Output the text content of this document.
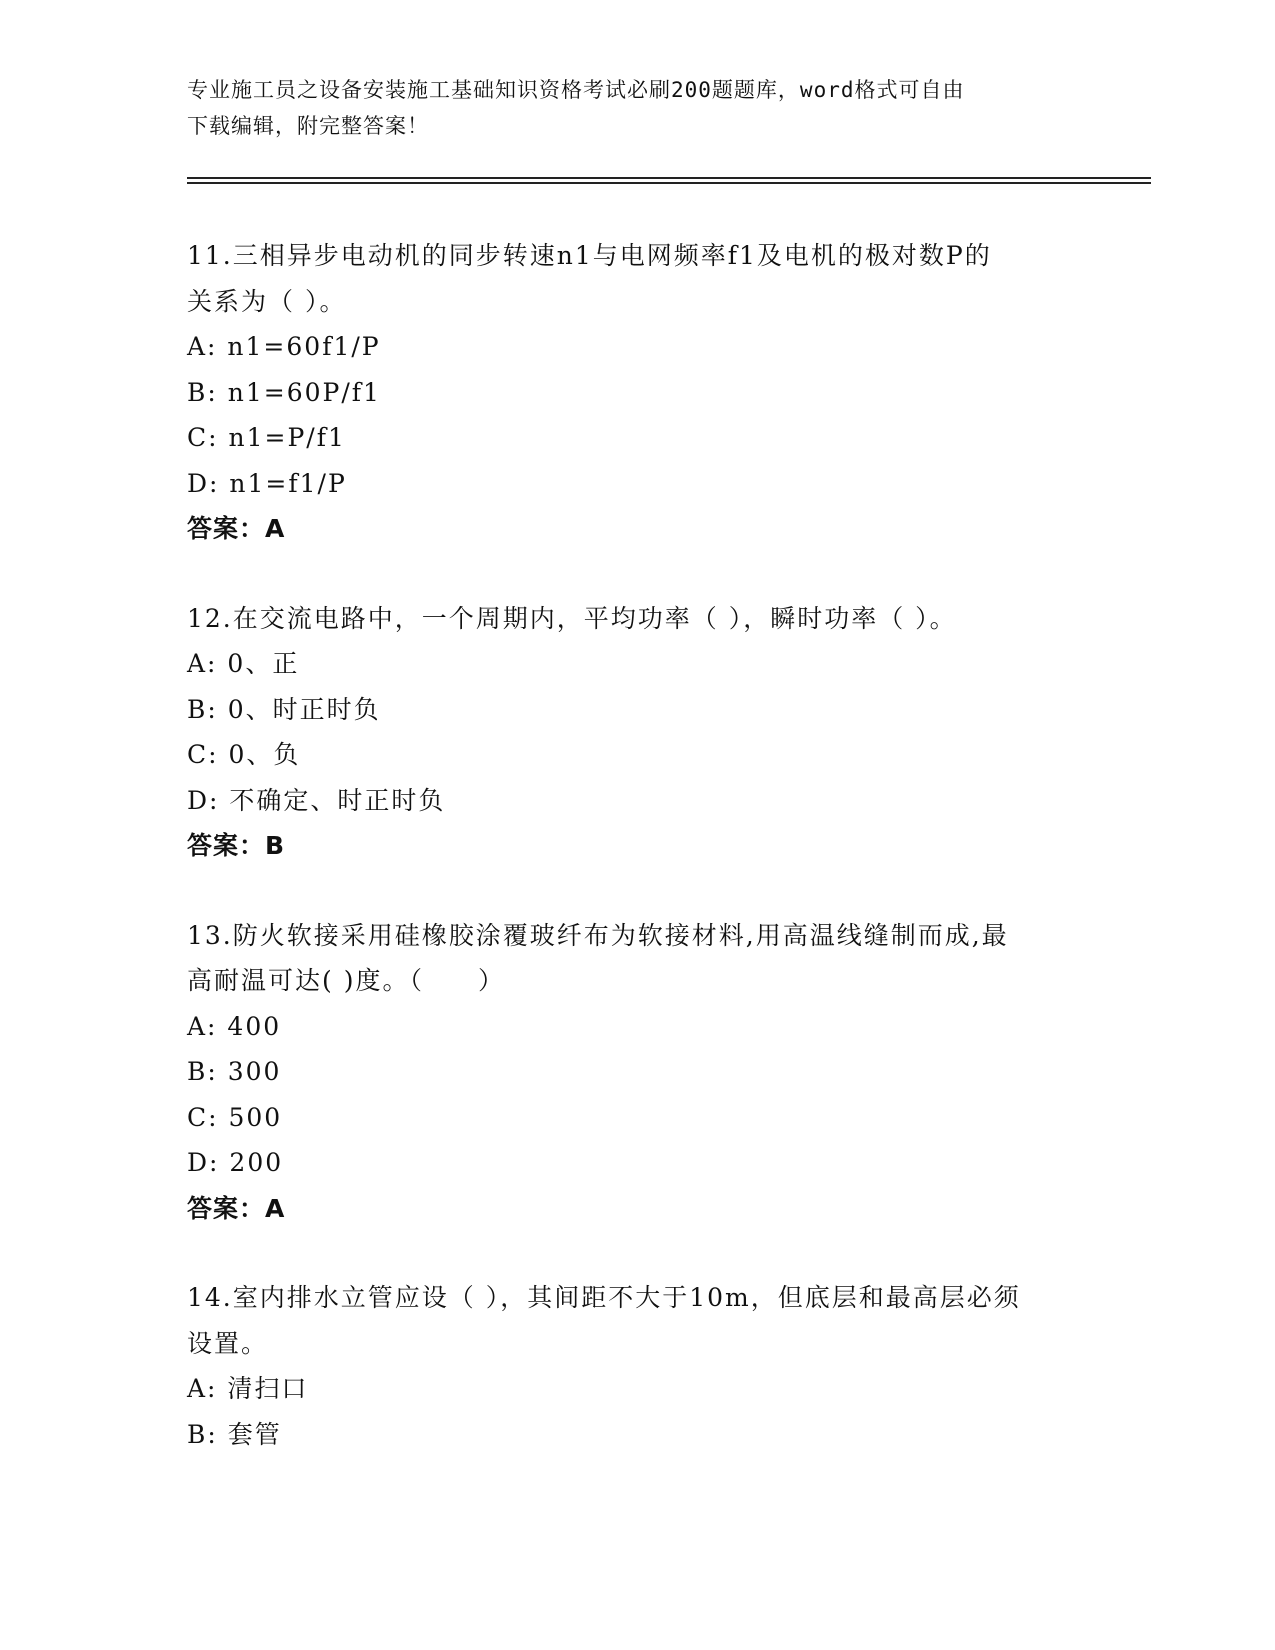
专业施工员之设备安装施工基础知识资格考试必刷200题题库，word格式可自由
下载编辑，附完整答案！
11.三相异步电动机的同步转速n1与电网频率f1及电机的极对数P的
关系为（ ）。
A: n1=60f1/P
B: n1=60P/f1
C: n1=P/f1
D: n1=f1/P
答案：A
12.在交流电路中，一个周期内，平均功率（ ），瞬时功率（ ）。
A: 0、正
B: 0、时正时负
C: 0、负
D: 不确定、时正时负
答案：B
13.防火软接采用硅橡胶涂覆玻纤布为软接材料,用高温线缝制而成,最
高耐温可达( )度。（　　）
A: 400
B: 300
C: 500
D: 200
答案：A
14.室内排水立管应设（ ），其间距不大于10m，但底层和最高层必须
设置。
A: 清扫口
B: 套管
